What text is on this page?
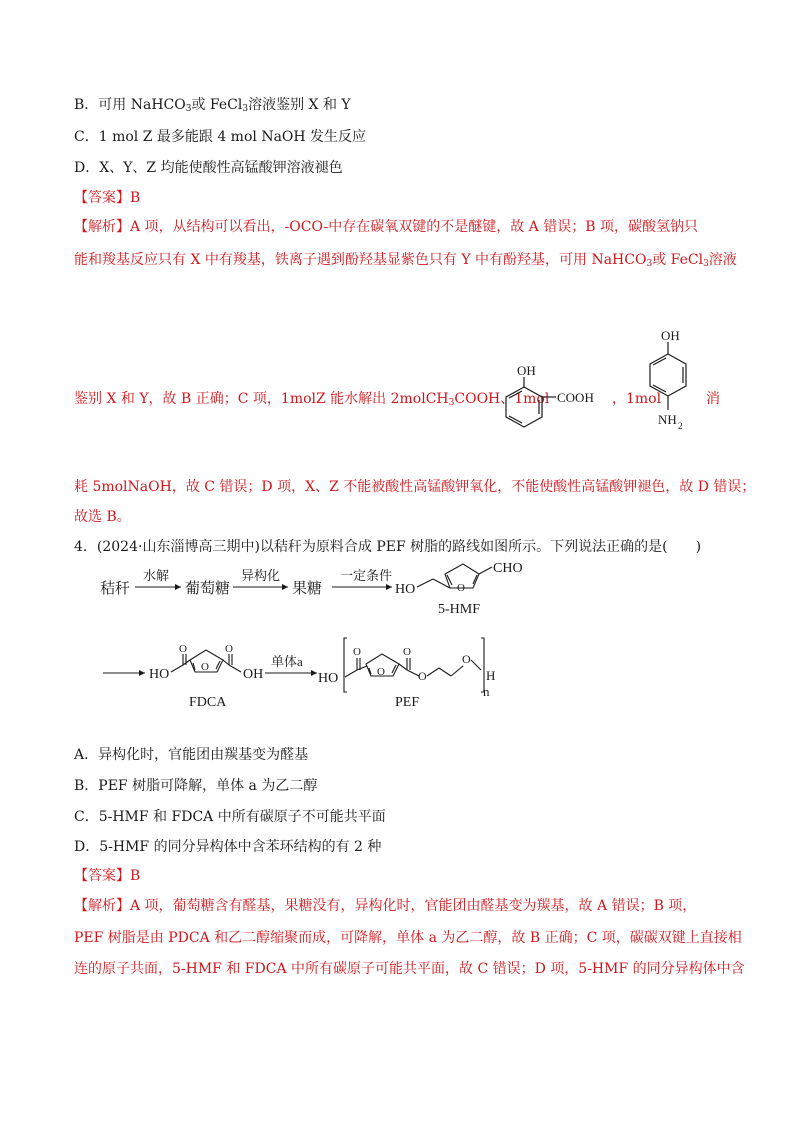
B．可用 NaHCO$_3$或 FeCl$_3$溶液鉴别 X 和 Y
C．1 mol Z 最多能跟 4 mol NaOH 发生反应
D．X、Y、Z 均能使酸性高锰酸钾溶液褪色
【答案】B
【解析】A 项，从结构可以看出，-OCO-中存在碳氧双键的不是醚键，故 A 错误；B 项，碳酸氢钠只
能和羧基反应只有 X 中有羧基，铁离子遇到酚羟基显紫色只有 Y 中有酚羟基，可用 NaHCO$_3$或 FeCl$_3$溶液
鉴别 X 和 Y，故 B 正确；C 项，1molZ 能水解出 2molCH$_3$COOH、1mol
OH
COOH ，1mol
OH
NH 2
消
耗 5molNaOH，故 C 错误；D 项，X、Z 不能被酸性高锰酸钾氧化，不能使酸性高锰酸钾褪色，故 D 错误；
故选 B。
4．(2024·山东淄博高三期中)以秸秆为原料合成 PEF 树脂的路线如图所示。下列说法正确的是(　　)
秸秆
水解
葡萄糖
异构化
果糖
一定条件
HO	O
CHO
5-HMF
HO	O
O	O
OH
FDCA
单体a
HO
O
O
O
O
O
H
n
PEF
A．异构化时，官能团由羰基变为醛基
B．PEF 树脂可降解，单体 a 为乙二醇
C．5-HMF 和 FDCA 中所有碳原子不可能共平面
D．5-HMF 的同分异构体中含苯环结构的有 2 种
【答案】B
【解析】A 项，葡萄糖含有醛基，果糖没有，异构化时，官能团由醛基变为羰基，故 A 错误；B 项，
PEF 树脂是由 PDCA 和乙二醇缩聚而成，可降解，单体 a 为乙二醇，故 B 正确；C 项，碳碳双键上直接相
连的原子共面，5-HMF 和 FDCA 中所有碳原子可能共平面，故 C 错误；D 项，5-HMF 的同分异构体中含
